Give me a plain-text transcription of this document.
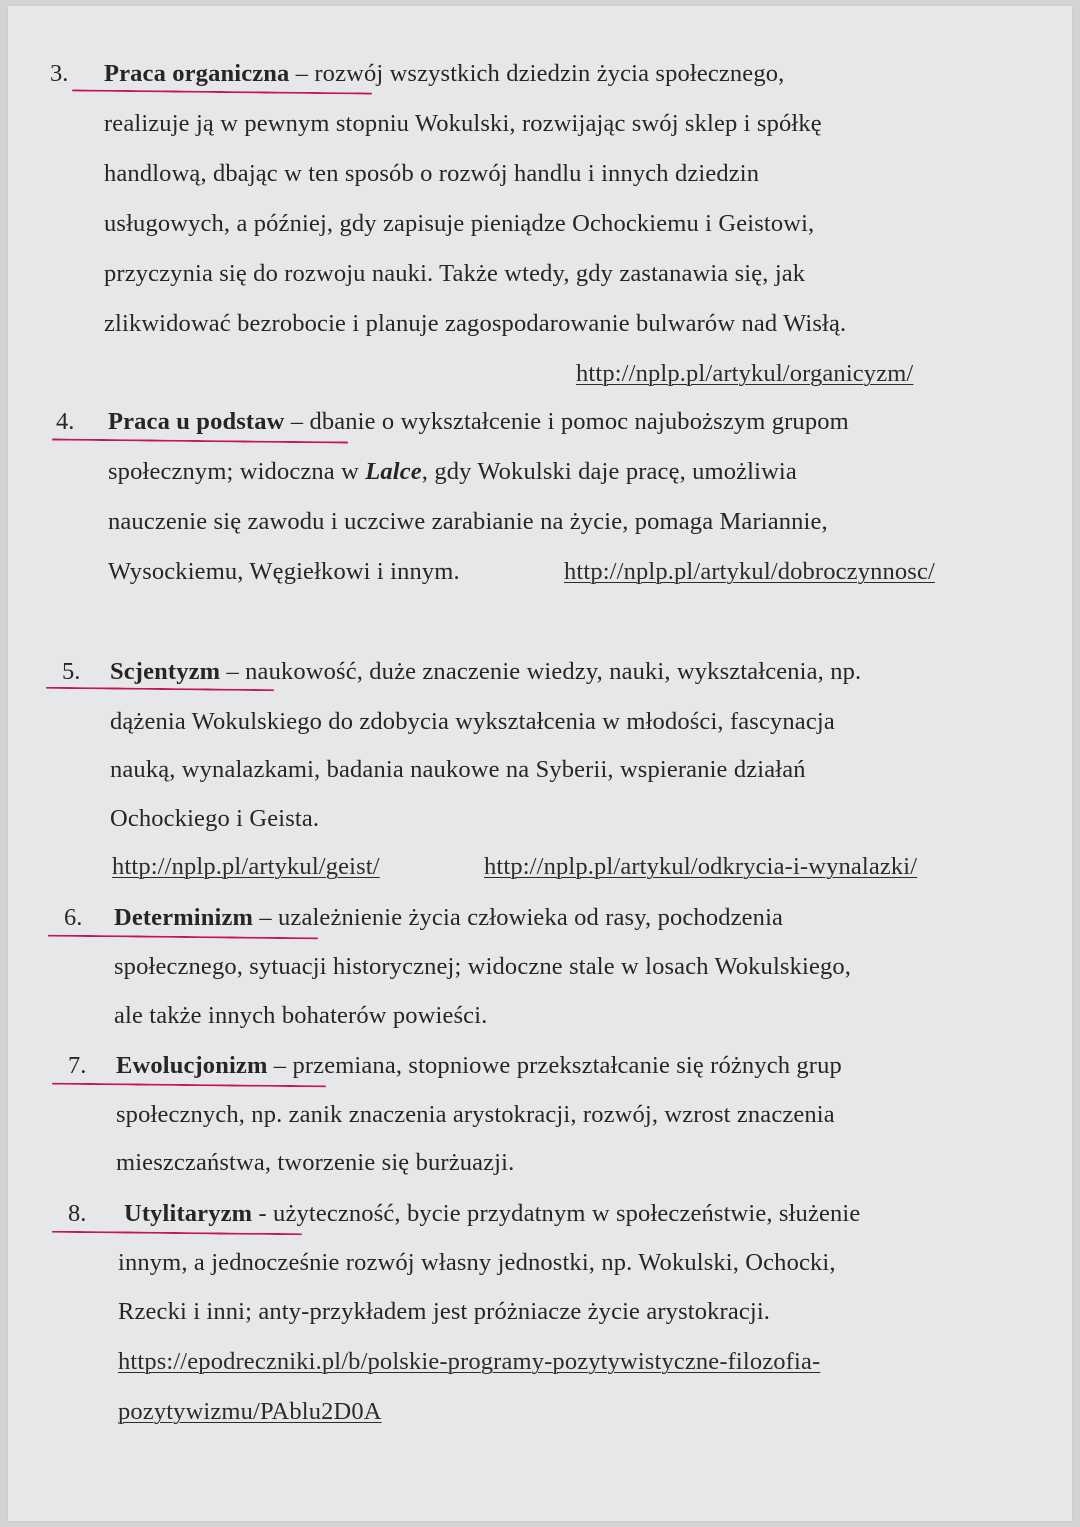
3. Praca organiczna – rozwój wszystkich dziedzin życia społecznego,
realizuje ją w pewnym stopniu Wokulski, rozwijając swój sklep i spółkę
handlową, dbając w ten sposób o rozwój handlu i innych dziedzin
usługowych, a później, gdy zapisuje pieniądze Ochockiemu i Geistowi,
przyczynia się do rozwoju nauki. Także wtedy, gdy zastanawia się, jak
zlikwidować bezrobocie i planuje zagospodarowanie bulwarów nad Wisłą.
http://nplp.pl/artykul/organicyzm/
4. Praca u podstaw – dbanie o wykształcenie i pomoc najuboższym grupom
społecznym; widoczna w Lalce, gdy Wokulski daje pracę, umożliwia
nauczenie się zawodu i uczciwe zarabianie na życie, pomaga Mariannie,
Wysockiemu, Węgiełkowi i innym.	http://nplp.pl/artykul/dobroczynnosc/
5. Scjentyzm – naukowość, duże znaczenie wiedzy, nauki, wykształcenia, np.
dążenia Wokulskiego do zdobycia wykształcenia w młodości, fascynacja
nauką, wynalazkami, badania naukowe na Syberii, wspieranie działań
Ochockiego i Geista.
http://nplp.pl/artykul/geist/	http://nplp.pl/artykul/odkrycia-i-wynalazki/
6. Determinizm – uzależnienie życia człowieka od rasy, pochodzenia
społecznego, sytuacji historycznej; widoczne stale w losach Wokulskiego,
ale także innych bohaterów powieści.
7. Ewolucjonizm – przemiana, stopniowe przekształcanie się różnych grup
społecznych, np. zanik znaczenia arystokracji, rozwój, wzrost znaczenia
mieszczaństwa, tworzenie się burżuazji.
8. Utylitaryzm - użyteczność, bycie przydatnym w społeczeństwie, służenie
innym, a jednocześnie rozwój własny jednostki, np. Wokulski, Ochocki,
Rzecki i inni; anty-przykładem jest próżniacze życie arystokracji.
https://epodreczniki.pl/b/polskie-programy-pozytywistyczne-filozofia-
pozytywizmu/PAblu2D0A
